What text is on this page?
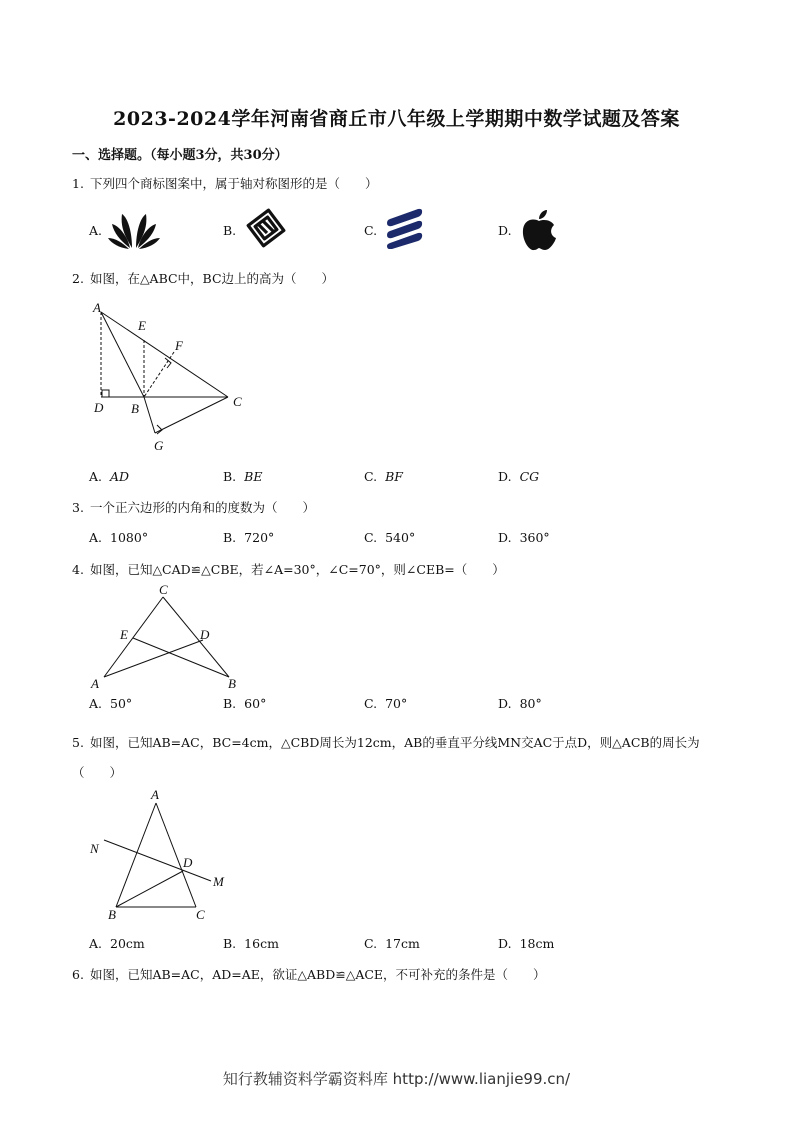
2023-2024学年河南省商丘市八年级上学期期中数学试题及答案
一、选择题。（每小题3分，共30分）
1. 下列四个商标图案中，属于轴对称图形的是（　　）
A.	B.	C.	D.
2. 如图，在△ABC中，BC边上的高为（　　）
A
E
F
D B	C
G
A. AD	B. BE	C. BF	D. CG
3. 一个正六边形的内角和的度数为（　　）
A. 1080°	B. 720°	C. 540°	D. 360°
4. 如图，已知△CAD≌△CBE，若∠A=30°，∠C=70°，则∠CEB=（　　）
C
E	D
A	B
A. 50°	B. 60°	C. 70°	D. 80°
5. 如图，已知AB=AC，BC=4cm，△CBD周长为12cm，AB的垂直平分线MN交AC于点D，则△ACB的周长为（　　）
A
N
D
M
B	C
A. 20cm	B. 16cm	C. 17cm	D. 18cm
6. 如图，已知AB=AC，AD=AE，欲证△ABD≌△ACE，不可补充的条件是（　　）
知行教辅资料学霸资料库 http://www.lianjie99.cn/
